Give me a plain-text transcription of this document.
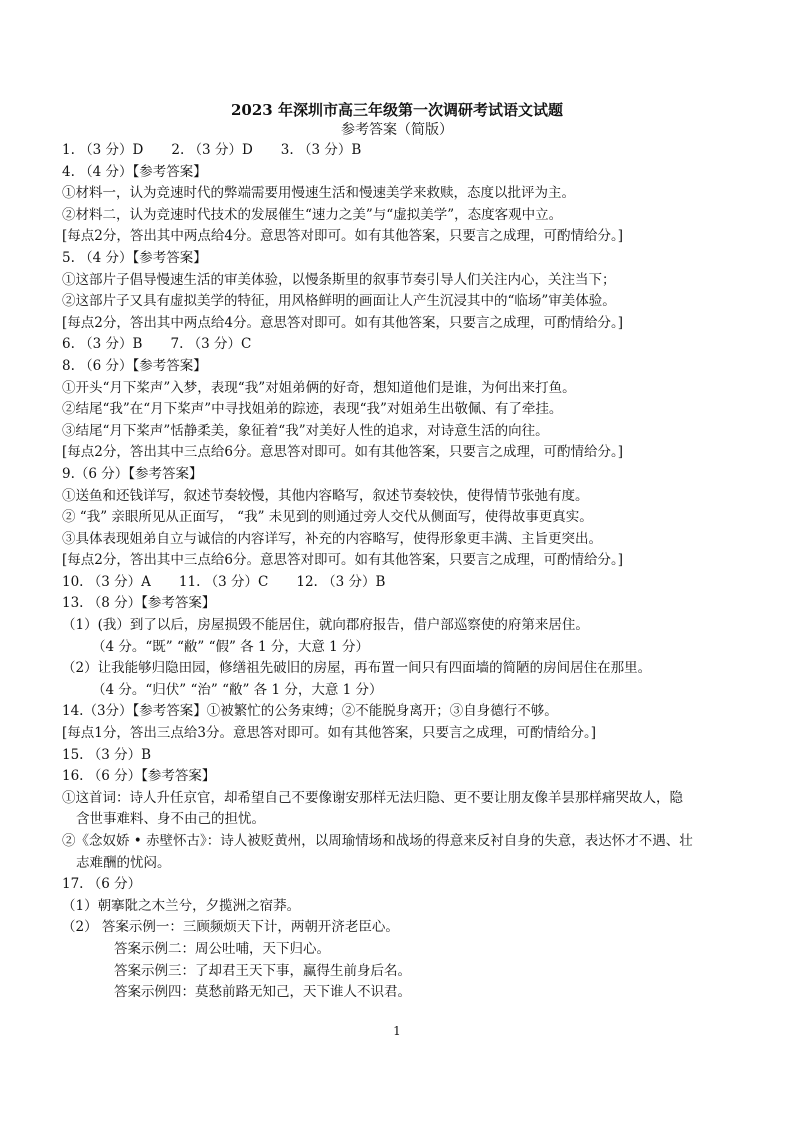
2023 年深圳市高三年级第一次调研考试语文试题
参考答案（简版）
1. （3 分）D 2. （3 分）D 3. （3 分）B
4. （4 分）【参考答案】
①材料一，认为竞速时代的弊端需要用慢速生活和慢速美学来救赎，态度以批评为主。
②材料二，认为竞速时代技术的发展催生“速力之美”与“虚拟美学”，态度客观中立。
[每点2分，答出其中两点给4分。意思答对即可。如有其他答案，只要言之成理，可酌情给分。]
5. （4 分）【参考答案】
①这部片子倡导慢速生活的审美体验，以慢条斯里的叙事节奏引导人们关注内心，关注当下；
②这部片子又具有虚拟美学的特征，用风格鲜明的画面让人产生沉浸其中的“临场”审美体验。
[每点2分，答出其中两点给4分。意思答对即可。如有其他答案，只要言之成理，可酌情给分。]
6. （3 分）B 7. （3 分）C
8. （6 分）【参考答案】
①开头“月下桨声”入梦，表现“我”对姐弟俩的好奇，想知道他们是谁，为何出来打鱼。
②结尾“我”在“月下桨声”中寻找姐弟的踪迹，表现“我”对姐弟生出敬佩、有了牵挂。
③结尾“月下桨声”恬静柔美，象征着“我”对美好人性的追求，对诗意生活的向往。
[每点2分，答出其中三点给6分。意思答对即可。如有其他答案，只要言之成理，可酌情给分。]
9.（6 分）【参考答案】
①送鱼和还钱详写，叙述节奏较慢，其他内容略写，叙述节奏较快，使得情节张弛有度。
② “我” 亲眼所见从正面写， “我” 未见到的则通过旁人交代从侧面写，使得故事更真实。
③具体表现姐弟自立与诚信的内容详写，补充的内容略写，使得形象更丰满、主旨更突出。
[每点2分，答出其中三点给6分。意思答对即可。如有其他答案，只要言之成理，可酌情给分。]
10. （3 分）A 11. （3 分）C 12. （3 分）B
13. （8 分）【参考答案】
（1）(我）到了以后，房屋损毁不能居住，就向郡府报告，借户部巡察使的府第来居住。
（4 分。“既” “敝” “假” 各 1 分，大意 1 分）
（2）让我能够归隐田园，修缮祖先破旧的房屋，再布置一间只有四面墙的简陋的房间居住在那里。
（4 分。“归伏” “治” “敝” 各 1 分，大意 1 分）
14.（3分）【参考答案】①被繁忙的公务束缚；②不能脱身离开；③自身德行不够。
[每点1分，答出三点给3分。意思答对即可。如有其他答案，只要言之成理，可酌情给分。]
15. （3 分）B
16. （6 分）【参考答案】
①这首词：诗人升任京官，却希望自己不要像谢安那样无法归隐、更不要让朋友像羊昙那样痛哭故人，隐
含世事难料、身不由己的担忧。
②《念奴娇 • 赤壁怀古》：诗人被贬黄州，以周瑜情场和战场的得意来反衬自身的失意，表达怀才不遇、壮
志难酬的忧闷。
17. （6 分）
（1）朝搴阰之木兰兮，夕揽洲之宿莽。
（2） 答案示例一：三顾频烦天下计，两朝开济老臣心。
答案示例二：周公吐哺，天下归心。
答案示例三：了却君王天下事，赢得生前身后名。
答案示例四：莫愁前路无知己，天下谁人不识君。
1
